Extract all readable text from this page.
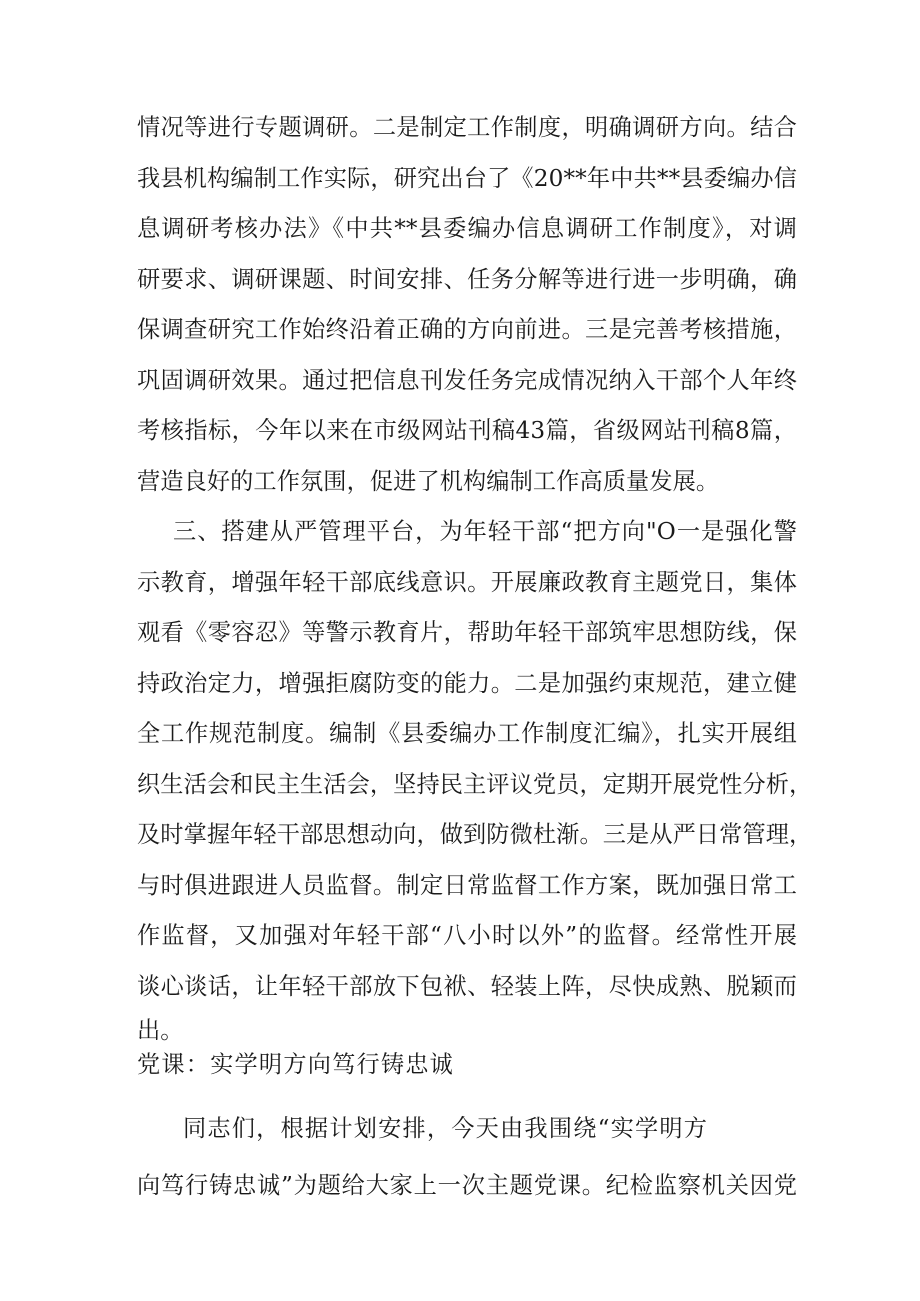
情况等进行专题调研。二是制定工作制度，明确调研方向。结合
我县机构编制工作实际，研究出台了《20**年中共**县委编办信
息调研考核办法》《中共**县委编办信息调研工作制度》，对调
研要求、调研课题、时间安排、任务分解等进行进一步明确，确
保调查研究工作始终沿着正确的方向前进。三是完善考核措施，
巩固调研效果。通过把信息刊发任务完成情况纳入干部个人年终
考核指标，今年以来在市级网站刊稿43篇，省级网站刊稿8篇，
营造良好的工作氛围，促进了机构编制工作高质量发展。
三、搭建从严管理平台，为年轻干部“把方向"O一是强化警
示教育，增强年轻干部底线意识。开展廉政教育主题党日，集体
观看《零容忍》等警示教育片，帮助年轻干部筑牢思想防线，保
持政治定力，增强拒腐防变的能力。二是加强约束规范，建立健
全工作规范制度。编制《县委编办工作制度汇编》，扎实开展组
织生活会和民主生活会，坚持民主评议党员，定期开展党性分析，
及时掌握年轻干部思想动向，做到防微杜渐。三是从严日常管理，
与时俱进跟进人员监督。制定日常监督工作方案，既加强日常工
作监督，又加强对年轻干部“八小时以外”的监督。经常性开展
谈心谈话，让年轻干部放下包袱、轻装上阵，尽快成熟、脱颖而
出。
党课：实学明方向笃行铸忠诚
同志们，根据计划安排，今天由我围绕“实学明方
向笃行铸忠诚”为题给大家上一次主题党课。纪检监察机关因党
